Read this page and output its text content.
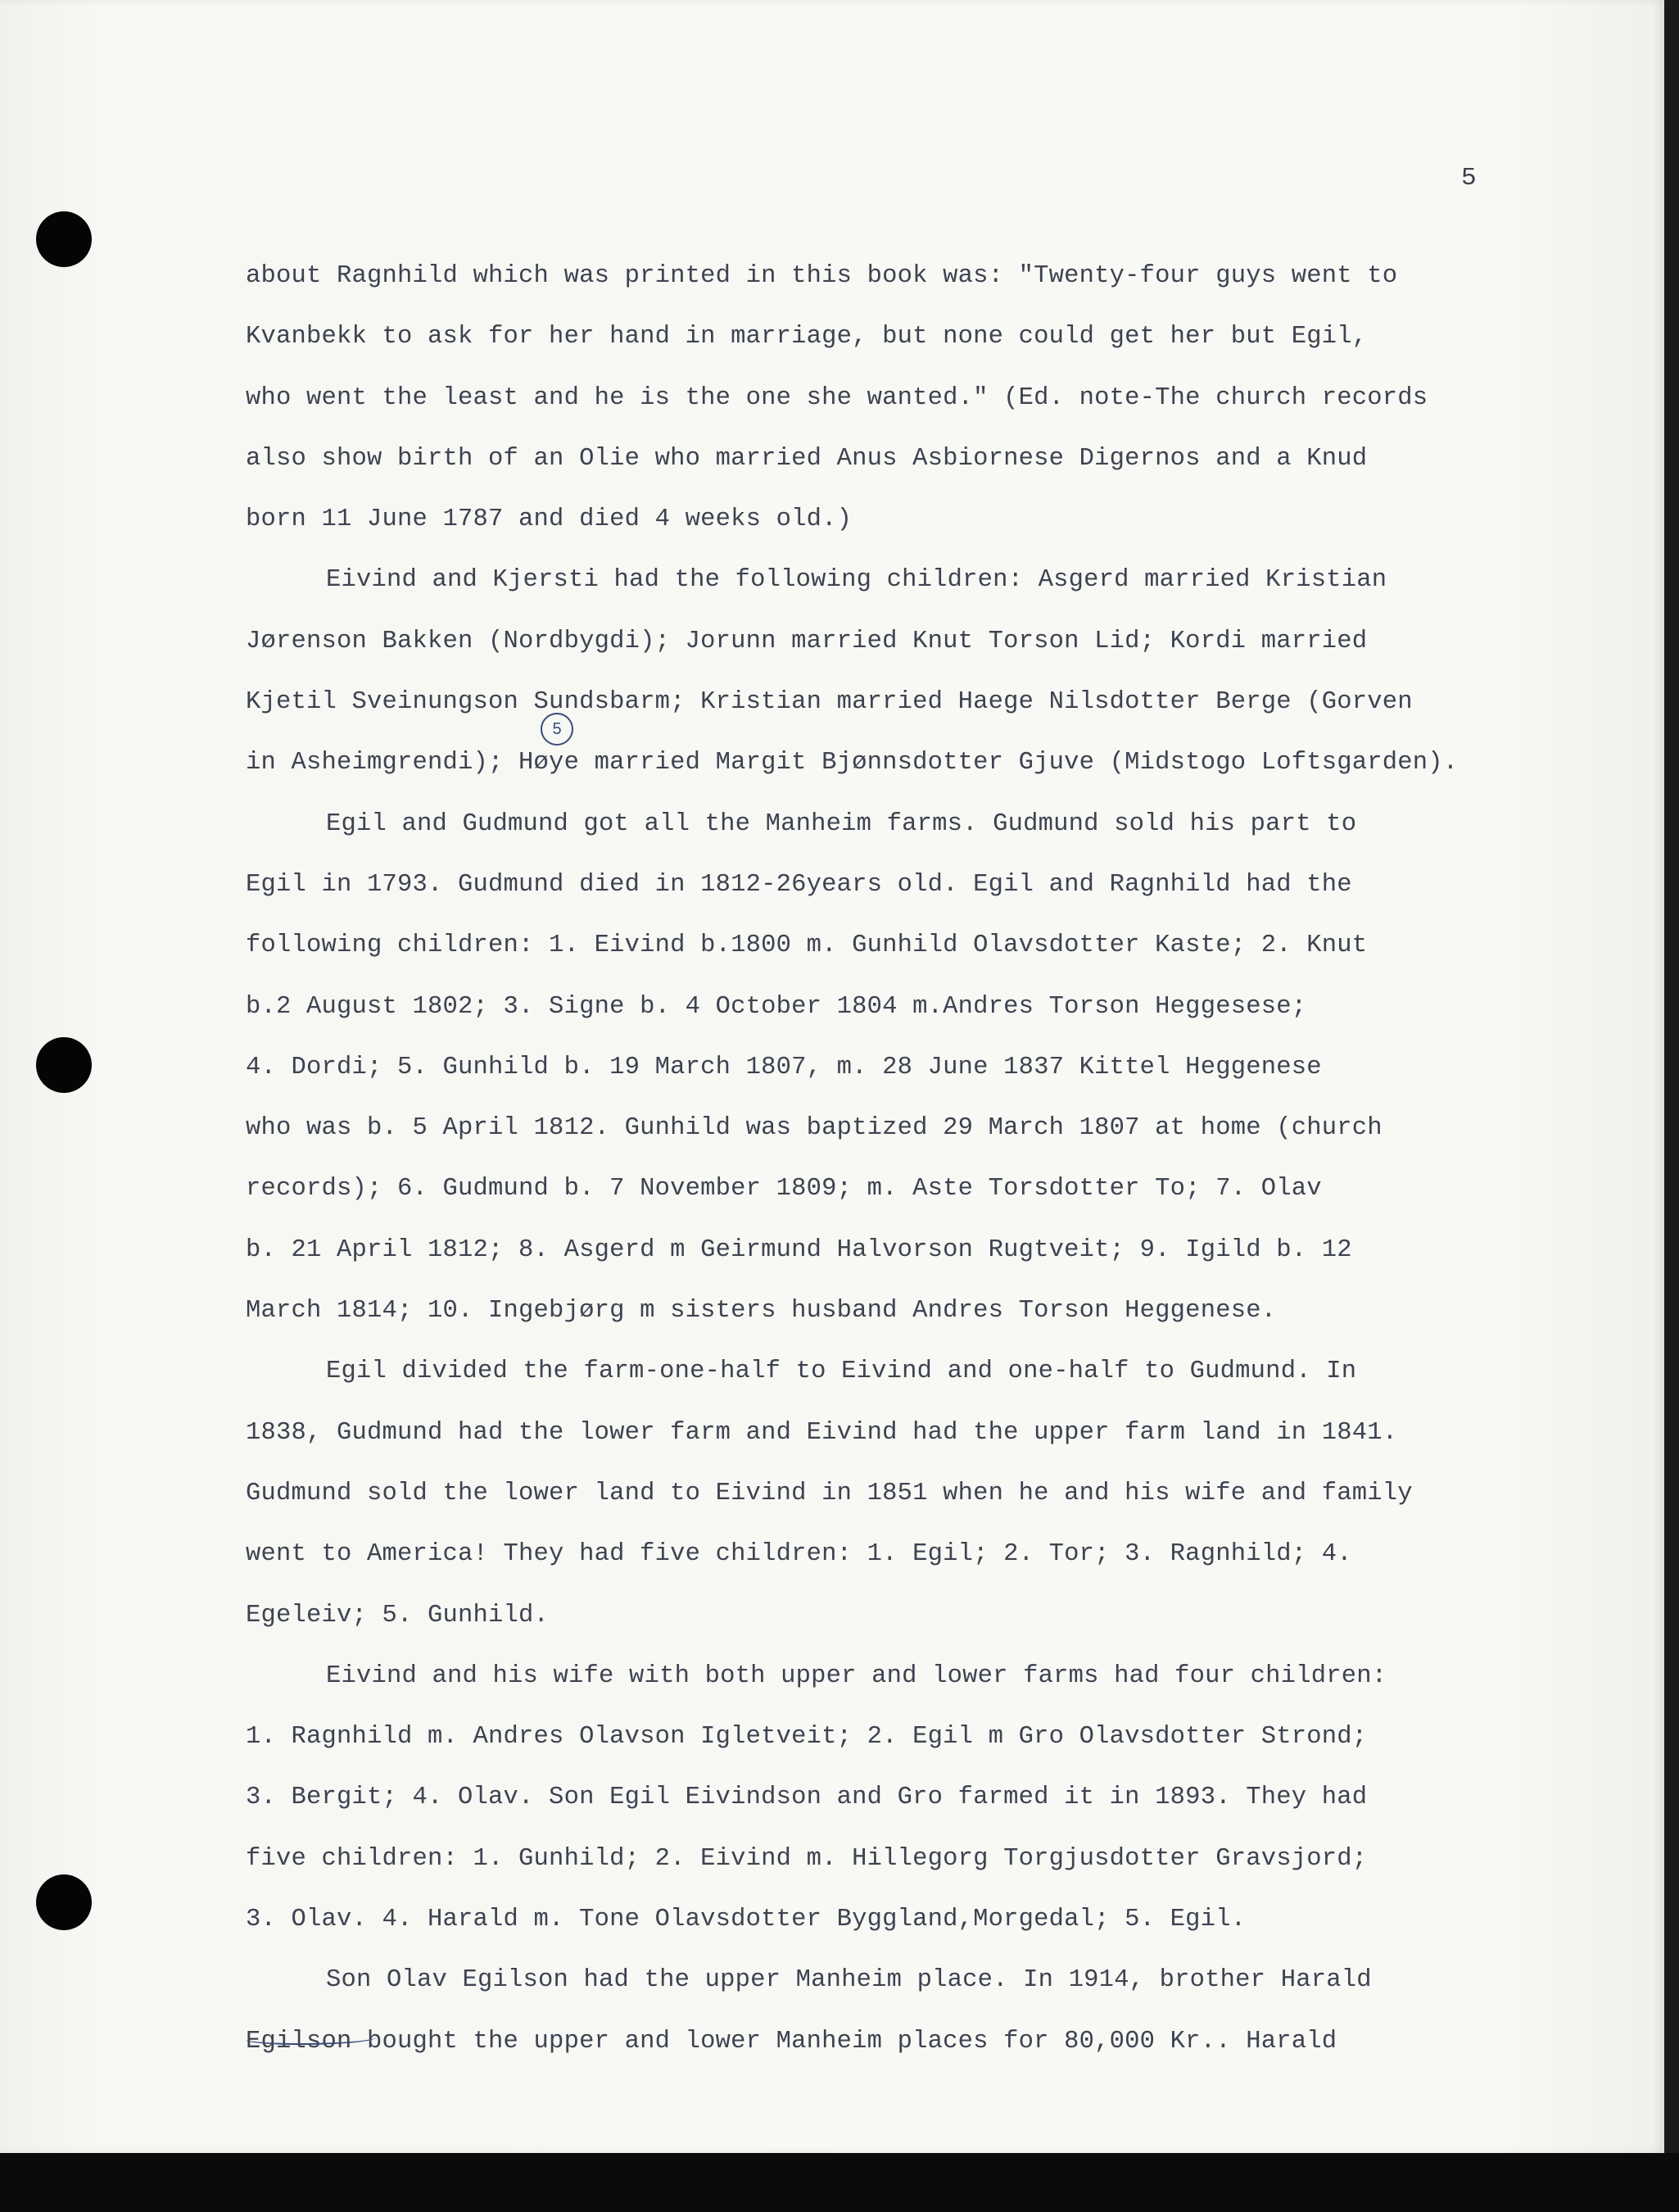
5
about Ragnhild which was printed in this book was: "Twenty-four guys went to
Kvanbekk to ask for her hand in marriage, but none could get her but Egil,
who went the least and he is the one she wanted." (Ed. note-The church records
also show birth of an Olie who married Anus Asbiornese Digernos and a Knud
born 11 June 1787 and died 4 weeks old.)
Eivind and Kjersti had the following children: Asgerd married Kristian
Jørenson Bakken (Nordbygdi); Jorunn married Knut Torson Lid; Kordi married
Kjetil Sveinungson Sundsbarm; Kristian married Haege Nilsdotter Berge (Gorven
in Asheimgrendi); Høye married Margit Bjønnsdotter Gjuve (Midstogo Loftsgarden).
Egil and Gudmund got all the Manheim farms. Gudmund sold his part to
Egil in 1793. Gudmund died in 1812-26years old. Egil and Ragnhild had the
following children: 1. Eivind b.1800 m. Gunhild Olavsdotter Kaste; 2. Knut
b.2 August 1802; 3. Signe b. 4 October 1804 m.Andres Torson Heggesese;
4. Dordi; 5. Gunhild b. 19 March 1807, m. 28 June 1837 Kittel Heggenese
who was b. 5 April 1812. Gunhild was baptized 29 March 1807 at home (church
records); 6. Gudmund b. 7 November 1809; m. Aste Torsdotter To; 7. Olav
b. 21 April 1812; 8. Asgerd m Geirmund Halvorson Rugtveit; 9. Igild b. 12
March 1814; 10. Ingebjørg m sisters husband Andres Torson Heggenese.
Egil divided the farm-one-half to Eivind and one-half to Gudmund. In
1838, Gudmund had the lower farm and Eivind had the upper farm land in 1841.
Gudmund sold the lower land to Eivind in 1851 when he and his wife and family
went to America! They had five children: 1. Egil; 2. Tor; 3. Ragnhild; 4.
Egeleiv; 5. Gunhild.
Eivind and his wife with both upper and lower farms had four children:
1. Ragnhild m. Andres Olavson Igletveit; 2. Egil m Gro Olavsdotter Strond;
3. Bergit; 4. Olav. Son Egil Eivindson and Gro farmed it in 1893. They had
five children: 1. Gunhild; 2. Eivind m. Hillegorg Torgjusdotter Gravsjord;
3. Olav. 4. Harald m. Tone Olavsdotter Byggland,Morgedal; 5. Egil.
Son Olav Egilson had the upper Manheim place. In 1914, brother Harald
Egilson bought the upper and lower Manheim places for 80,000 Kr.. Harald
5
